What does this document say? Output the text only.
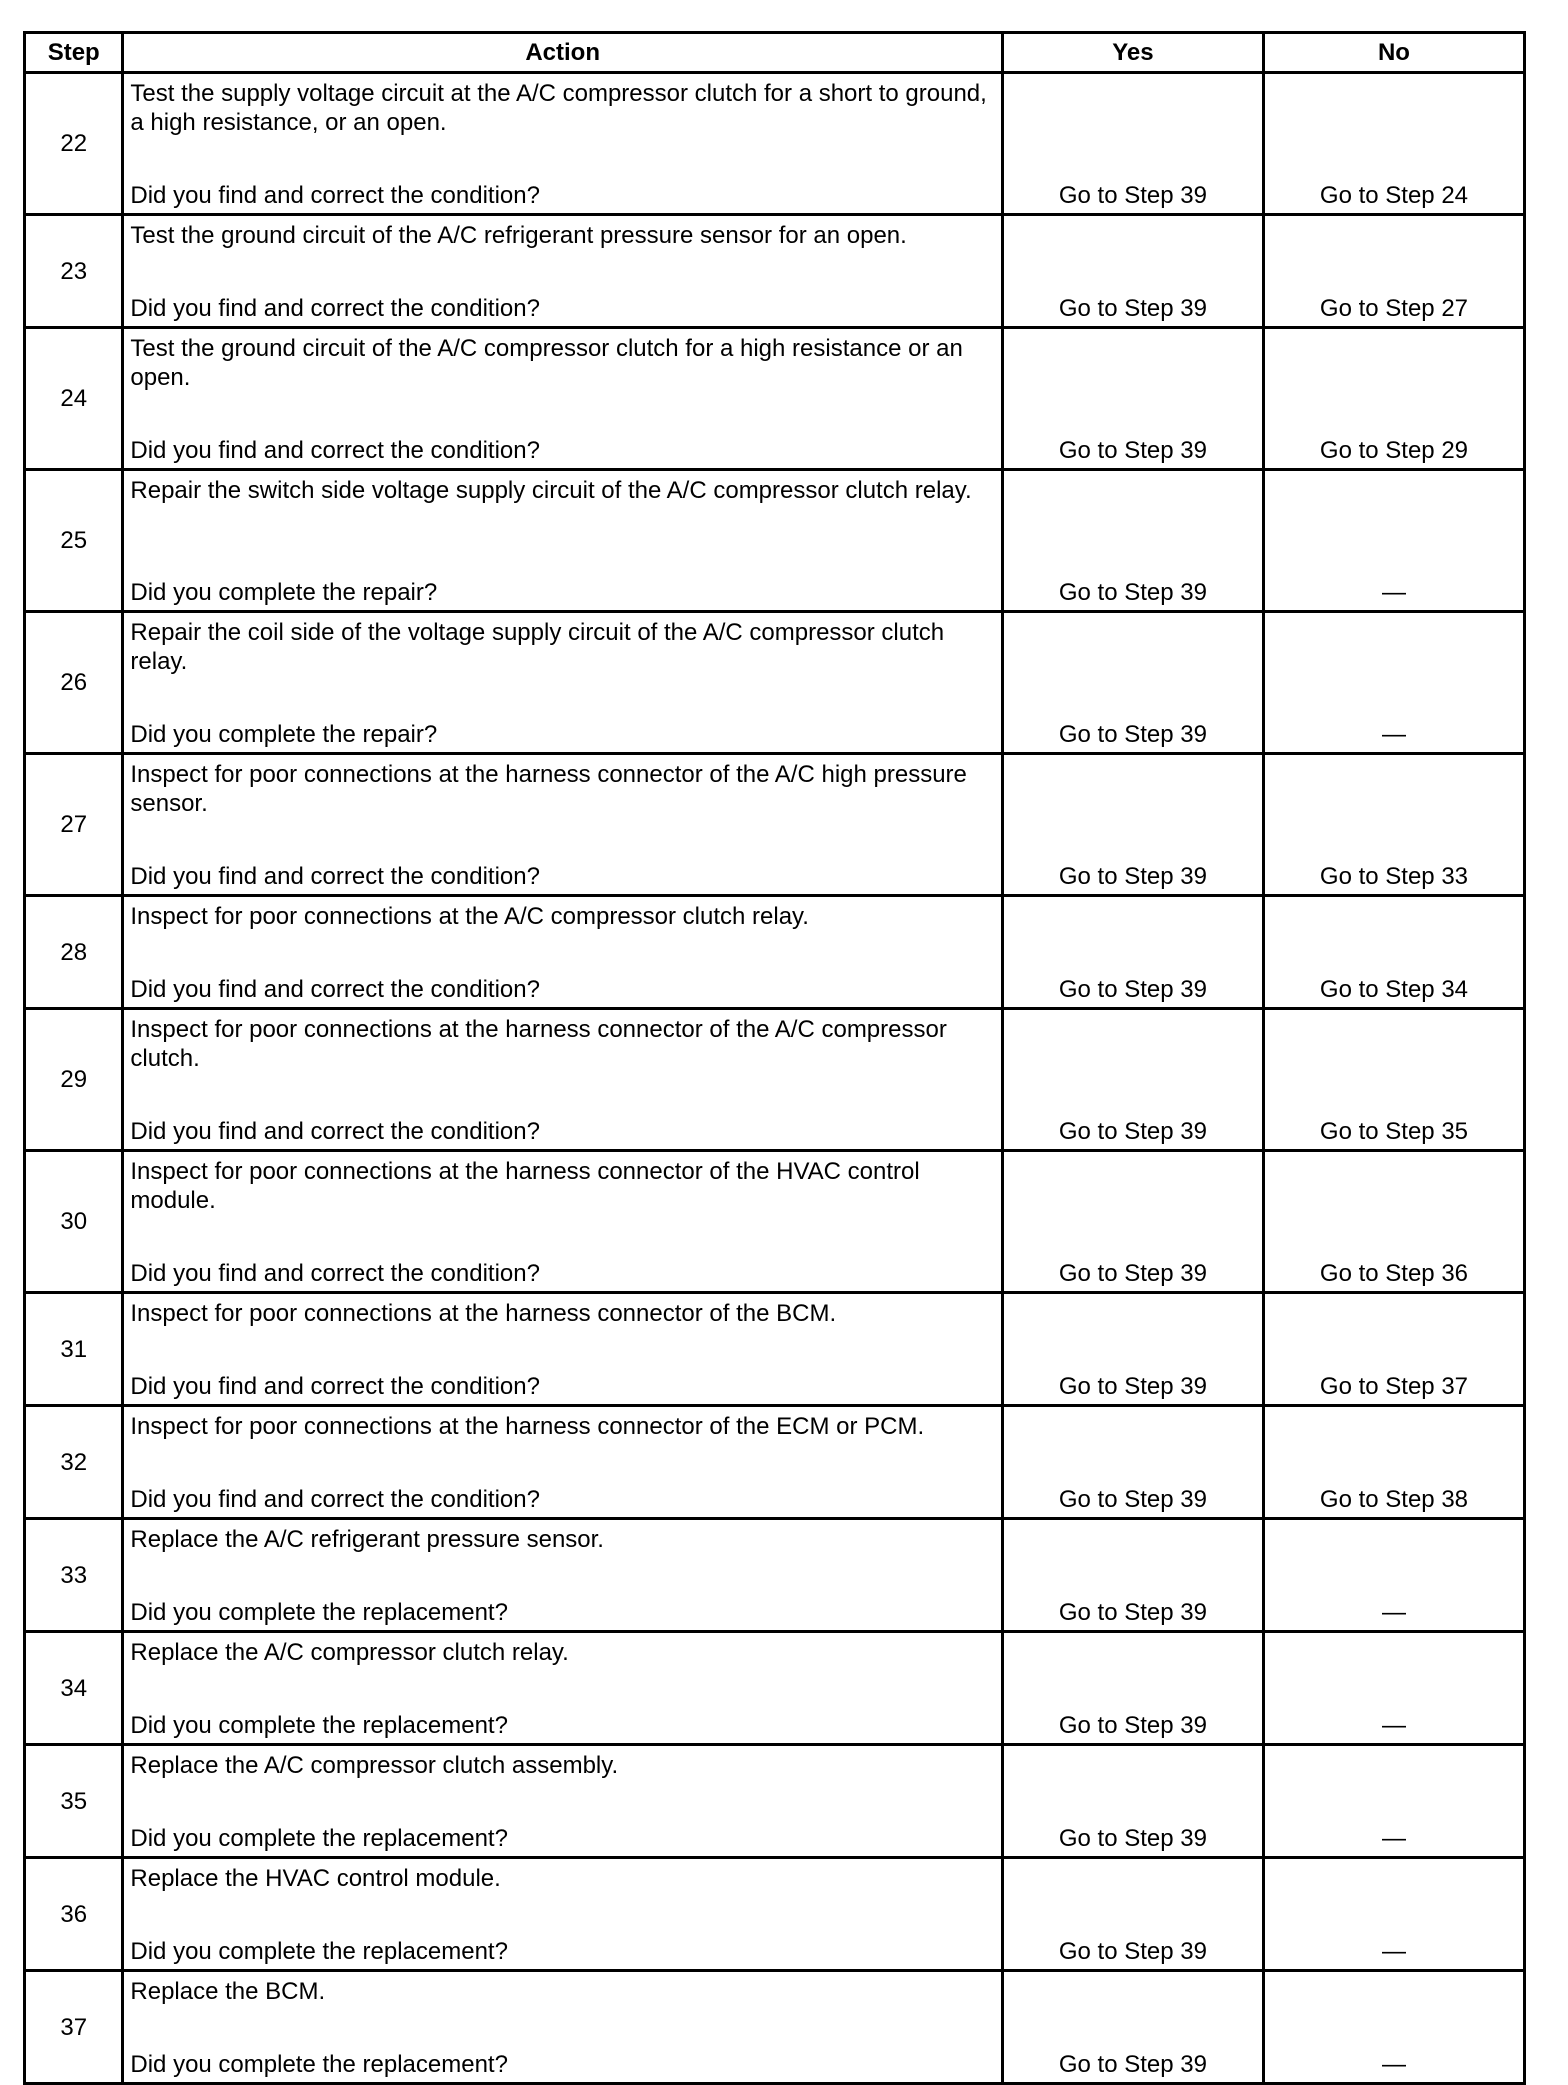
Step	Action	Yes	No
22	Test the supply voltage circuit at the A/C compressor clutch for a short to ground, a high resistance, or an open.
Did you find and correct the condition?	Go to Step 39	Go to Step 24
23	Test the ground circuit of the A/C refrigerant pressure sensor for an open.
Did you find and correct the condition?	Go to Step 39	Go to Step 27
24	Test the ground circuit of the A/C compressor clutch for a high resistance or an open.
Did you find and correct the condition?	Go to Step 39	Go to Step 29
25	Repair the switch side voltage supply circuit of the A/C compressor clutch relay.
Did you complete the repair?	Go to Step 39	—
26	Repair the coil side of the voltage supply circuit of the A/C compressor clutch relay.
Did you complete the repair?	Go to Step 39	—
27	Inspect for poor connections at the harness connector of the A/C high pressure sensor.
Did you find and correct the condition?	Go to Step 39	Go to Step 33
28	Inspect for poor connections at the A/C compressor clutch relay.
Did you find and correct the condition?	Go to Step 39	Go to Step 34
29	Inspect for poor connections at the harness connector of the A/C compressor clutch.
Did you find and correct the condition?	Go to Step 39	Go to Step 35
30	Inspect for poor connections at the harness connector of the HVAC control module.
Did you find and correct the condition?	Go to Step 39	Go to Step 36
31	Inspect for poor connections at the harness connector of the BCM.
Did you find and correct the condition?	Go to Step 39	Go to Step 37
32	Inspect for poor connections at the harness connector of the ECM or PCM.
Did you find and correct the condition?	Go to Step 39	Go to Step 38
33	Replace the A/C refrigerant pressure sensor.
Did you complete the replacement?	Go to Step 39	—
34	Replace the A/C compressor clutch relay.
Did you complete the replacement?	Go to Step 39	—
35	Replace the A/C compressor clutch assembly.
Did you complete the replacement?	Go to Step 39	—
36	Replace the HVAC control module.
Did you complete the replacement?	Go to Step 39	—
37	Replace the BCM.
Did you complete the replacement?	Go to Step 39	—
